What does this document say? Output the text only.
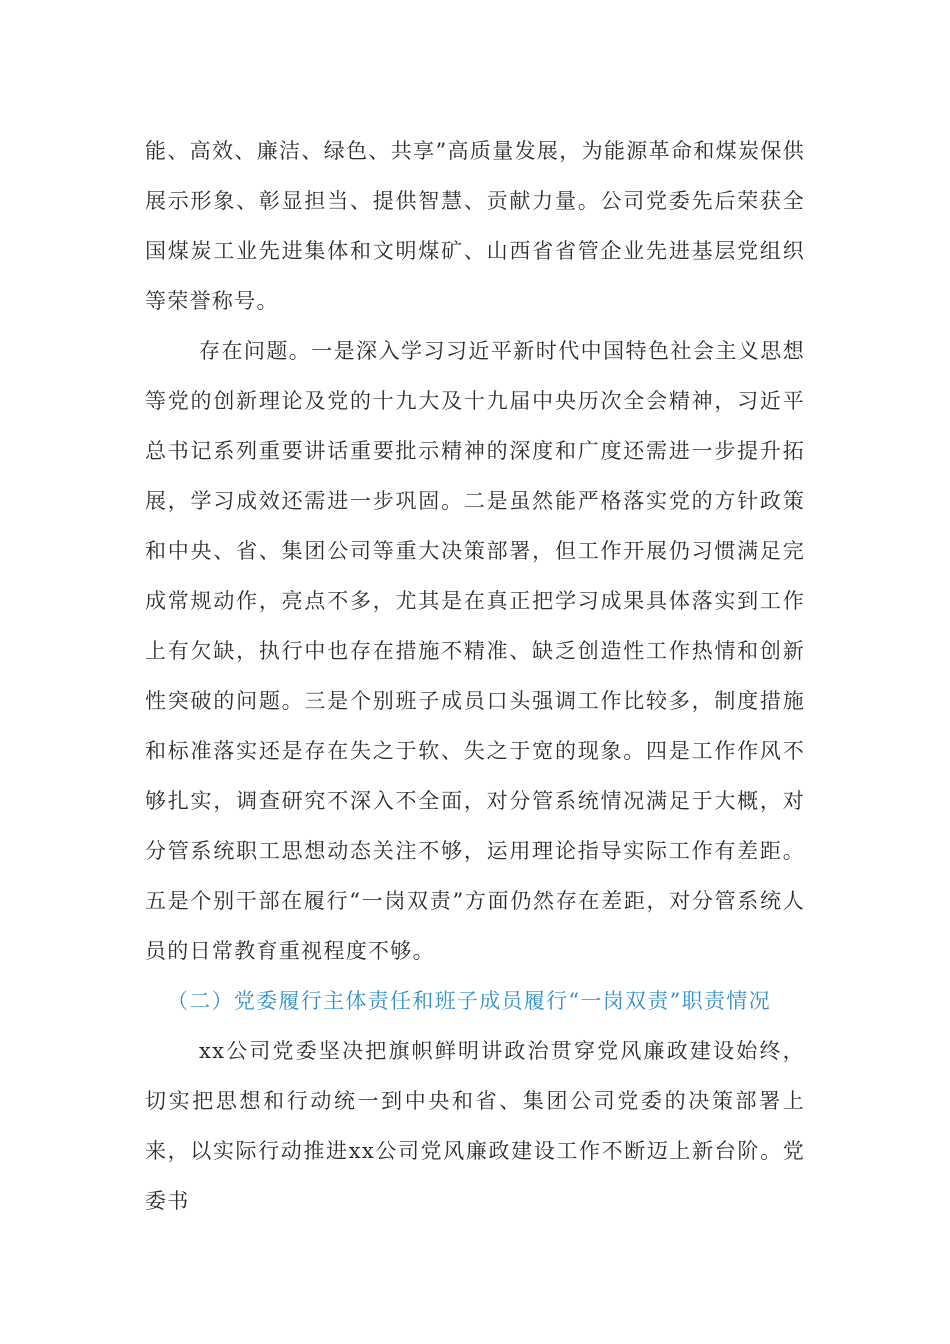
能、高效、廉洁、绿色、共享”高质量发展，为能源革命和煤炭保供展示形象、彰显担当、提供智慧、贡献力量。公司党委先后荣获全国煤炭工业先进集体和文明煤矿、山西省省管企业先进基层党组织等荣誉称号。

存在问题。一是深入学习习近平新时代中国特色社会主义思想等党的创新理论及党的十九大及十九届中央历次全会精神，习近平总书记系列重要讲话重要批示精神的深度和广度还需进一步提升拓展，学习成效还需进一步巩固。二是虽然能严格落实党的方针政策和中央、省、集团公司等重大决策部署，但工作开展仍习惯满足完成常规动作，亮点不多，尤其是在真正把学习成果具体落实到工作上有欠缺，执行中也存在措施不精准、缺乏创造性工作热情和创新性突破的问题。三是个别班子成员口头强调工作比较多，制度措施和标准落实还是存在失之于软、失之于宽的现象。四是工作作风不够扎实，调查研究不深入不全面，对分管系统情况满足于大概，对分管系统职工思想动态关注不够，运用理论指导实际工作有差距。五是个别干部在履行“一岗双责”方面仍然存在差距，对分管系统人员的日常教育重视程度不够。

（二）党委履行主体责任和班子成员履行“一岗双责”职责情况

xx公司党委坚决把旗帜鲜明讲政治贯穿党风廉政建设始终，切实把思想和行动统一到中央和省、集团公司党委的决策部署上来，以实际行动推进xx公司党风廉政建设工作不断迈上新台阶。党委书
